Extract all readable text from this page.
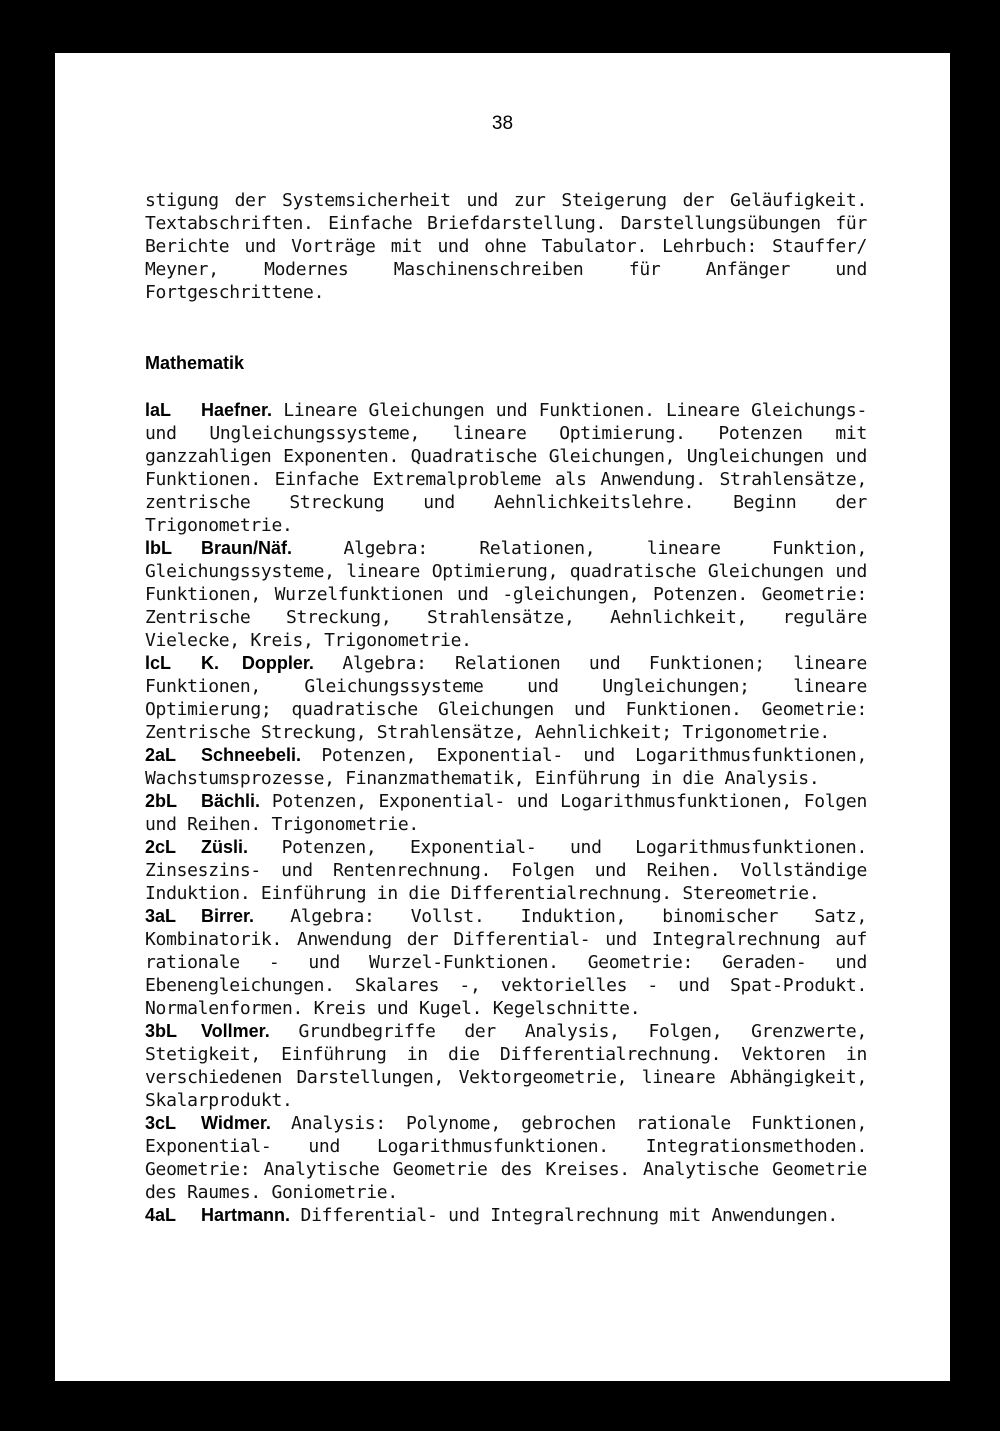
38

stigung der Systemsicherheit und zur Steigerung der Geläufigkeit. Textabschriften. Einfache Briefdarstellung. Darstellungsübungen für Berichte und Vorträge mit und ohne Tabulator. Lehrbuch: Stauffer/ Meyner, Modernes Maschinenschreiben für Anfänger und Fortgeschrittene.

Mathematik

laL Haefner. Lineare Gleichungen und Funktionen. Lineare Gleichungs- und Ungleichungssysteme, lineare Optimierung. Potenzen mit ganzzahligen Exponenten. Quadratische Gleichungen, Ungleichungen und Funktionen. Einfache Extremalprobleme als Anwendung. Strahlensätze, zentrische Streckung und Aehnlichkeitslehre. Beginn der Trigonometrie.

lbL Braun/Näf. Algebra: Relationen, lineare Funktion, Gleichungssysteme, lineare Optimierung, quadratische Gleichungen und Funktionen, Wurzelfunktionen und -gleichungen, Potenzen. Geometrie: Zentrische Streckung, Strahlensätze, Aehnlichkeit, reguläre Vielecke, Kreis, Trigonometrie.

lcL K. Doppler. Algebra: Relationen und Funktionen; lineare Funktionen, Gleichungssysteme und Ungleichungen; lineare Optimierung; quadratische Gleichungen und Funktionen. Geometrie: Zentrische Streckung, Strahlensätze, Aehnlichkeit; Trigonometrie.

2aL Schneebeli. Potenzen, Exponential- und Logarithmusfunktionen, Wachstumsprozesse, Finanzmathematik, Einführung in die Analysis.

2bL Bächli. Potenzen, Exponential- und Logarithmusfunktionen, Folgen und Reihen. Trigonometrie.

2cL Züsli. Potenzen, Exponential- und Logarithmusfunktionen. Zinseszins- und Rentenrechnung. Folgen und Reihen. Vollständige Induktion. Einführung in die Differentialrechnung. Stereometrie.

3aL Birrer. Algebra: Vollst. Induktion, binomischer Satz, Kombinatorik. Anwendung der Differential- und Integralrechnung auf rationale - und Wurzel-Funktionen. Geometrie: Geraden- und Ebenengleichungen. Skalares -, vektorielles - und Spat-Produkt. Normalenformen. Kreis und Kugel. Kegelschnitte.

3bL Vollmer. Grundbegriffe der Analysis, Folgen, Grenzwerte, Stetigkeit, Einführung in die Differentialrechnung. Vektoren in verschiedenen Darstellungen, Vektorgeometrie, lineare Abhängigkeit, Skalarprodukt.

3cL Widmer. Analysis: Polynome, gebrochen rationale Funktionen, Exponential- und Logarithmusfunktionen. Integrationsmethoden. Geometrie: Analytische Geometrie des Kreises. Analytische Geometrie des Raumes. Goniometrie.

4aL Hartmann. Differential- und Integralrechnung mit Anwendungen.
